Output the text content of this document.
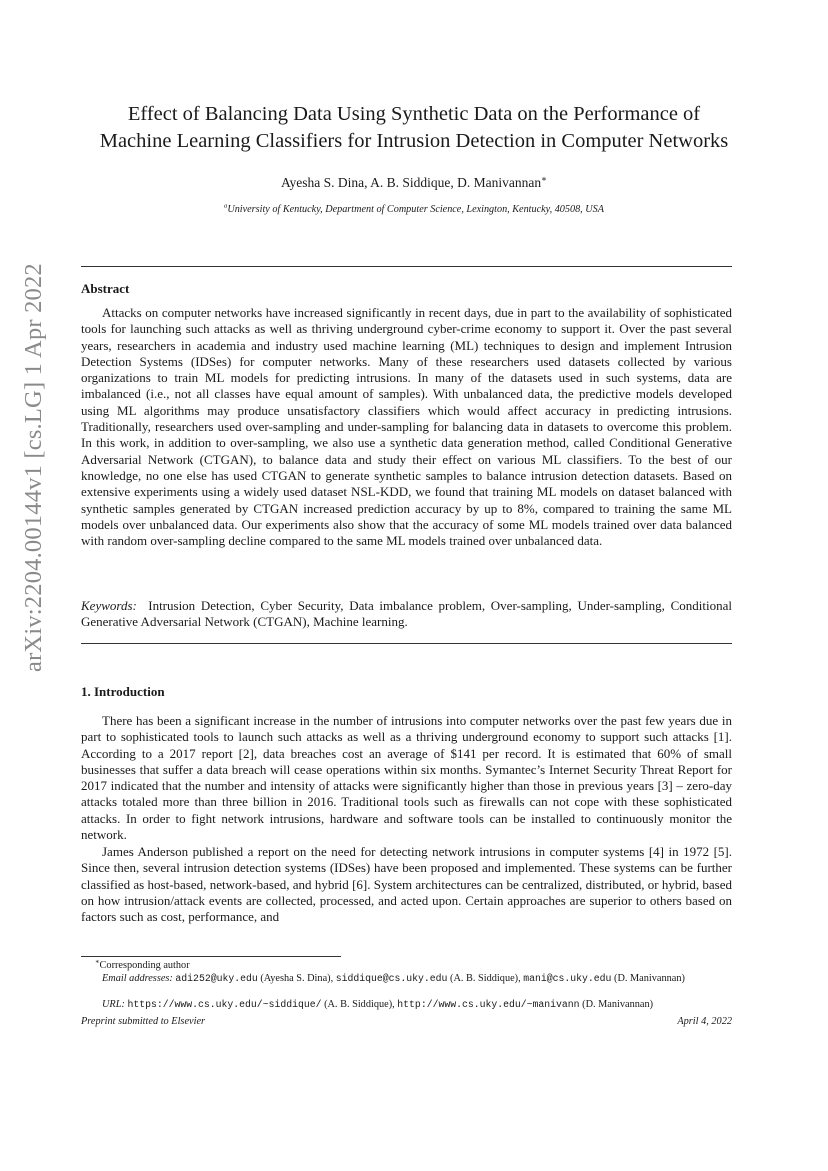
arXiv:2204.00144v1 [cs.LG] 1 Apr 2022
Effect of Balancing Data Using Synthetic Data on the Performance of
Machine Learning Classifiers for Intrusion Detection in Computer Networks
Ayesha S. Dina, A. B. Siddique, D. Manivannan∗
$^a$University of Kentucky, Department of Computer Science, Lexington, Kentucky, 40508, USA
Abstract
Attacks on computer networks have increased significantly in recent days, due in part to the availability of sophisticated tools for launching such attacks as well as thriving underground cyber-crime economy to support it. Over the past several years, researchers in academia and industry used machine learning (ML) techniques to design and implement Intrusion Detection Systems (IDSes) for computer networks. Many of these researchers used datasets collected by various organizations to train ML models for predicting intrusions. In many of the datasets used in such systems, data are imbalanced (i.e., not all classes have equal amount of samples). With unbalanced data, the predictive models developed using ML algorithms may produce unsatisfactory classifiers which would affect accuracy in predicting intrusions. Traditionally, researchers used over-sampling and under-sampling for balancing data in datasets to overcome this problem. In this work, in addition to over-sampling, we also use a synthetic data generation method, called Conditional Generative Adversarial Network (CTGAN), to balance data and study their effect on various ML classifiers. To the best of our knowledge, no one else has used CTGAN to generate synthetic samples to balance intrusion detection datasets. Based on extensive experiments using a widely used dataset NSL-KDD, we found that training ML models on dataset balanced with synthetic samples generated by CTGAN increased prediction accuracy by up to 8%, compared to training the same ML models over unbalanced data. Our experiments also show that the accuracy of some ML models trained over data balanced with random over-sampling decline compared to the same ML models trained over unbalanced data.
Keywords: Intrusion Detection, Cyber Security, Data imbalance problem, Over-sampling, Under-sampling, Conditional Generative Adversarial Network (CTGAN), Machine learning.
1. Introduction
There has been a significant increase in the number of intrusions into computer networks over the past few years due in part to sophisticated tools to launch such attacks as well as a thriving underground economy to support such attacks [1]. According to a 2017 report [2], data breaches cost an average of $141 per record. It is estimated that 60% of small businesses that suffer a data breach will cease operations within six months. Symantec’s Internet Security Threat Report for 2017 indicated that the number and intensity of attacks were significantly higher than those in previous years [3] – zero-day attacks totaled more than three billion in 2016. Traditional tools such as firewalls can not cope with these sophisticated attacks. In order to fight network intrusions, hardware and software tools can be installed to continuously monitor the network.
James Anderson published a report on the need for detecting network intrusions in computer systems [4] in 1972 [5]. Since then, several intrusion detection systems (IDSes) have been proposed and implemented. These systems can be further classified as host-based, network-based, and hybrid [6]. System architectures can be centralized, distributed, or hybrid, based on how intrusion/attack events are collected, processed, and acted upon. Certain approaches are superior to others based on factors such as cost, performance, and
∗Corresponding author
Email addresses: adi252@uky.edu (Ayesha S. Dina), siddique@cs.uky.edu (A. B. Siddique), mani@cs.uky.edu (D. Manivannan)
URL: https://www.cs.uky.edu/~siddique/ (A. B. Siddique), http://www.cs.uky.edu/~manivann (D. Manivannan)
Preprint submitted to Elsevier	April 4, 2022
